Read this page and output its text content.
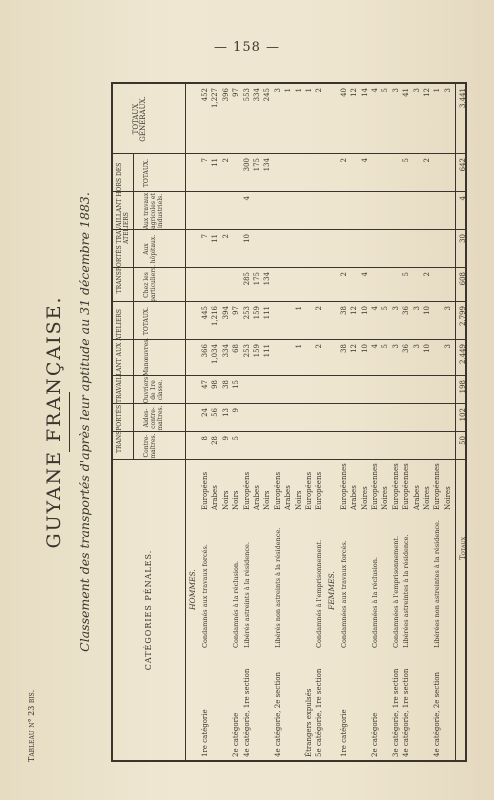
— 158 —
Tableau n° 23 bis.
GUYANE FRANÇAISE. Classement des transportés d'après leur aptitude au 31 décembre 1883.	TRANSPORTÉS TRAVAILLANT AUX ATELIERS
TRANSPORTÉS TRAVAILLANT HORS DES ATELIERS
CATÉGORIES PÉNALES.
Contre-maîtres.
Aides-contre-maîtres.
Ouvriers de 1re classe.
Manœuvres.
TOTAUX.
Chez les particuliers.
Aux hôpitaux.
Aux travaux agricoles et industriels.
TOTAUX.
TOTAUX GÉNÉRAUX.
HOMMES.
1re catégorie
Condamnés aux travaux forcés.
Européens
8
24
47
366
445
7
7
452
Arabes
28
56
98
1,034
1,216
11
11
1,227
Noirs
9
13
38
334
394
2
2
396
2e catégorie
Condamnés à la réclusion.
Noirs
5
9
15
68
97
97
4e catégorie, 1re section
Libérés astreints à la résidence.
Européens
253
253
285
10
4
300
553
Arabes
159
159
175
175
334
Noirs
111
111
134
134
245
4e catégorie, 2e section
Libérés non astreints à la résidence.
Européens
3
Arabes
1
Noirs
1
1
1
Étrangers expulsés
Européens
1
5e catégorie, 1re section
Condamnés à l'emprisonnement.
Européens
2
2
2
FEMMES.
1re catégorie
Condamnées aux travaux forcés.
Européennes
38
38
2
2
40
Arabes
12
12
12
Noires
10
10
4
4
14
2e catégorie
Condamnées à la réclusion.
Européennes
4
4
4
Noires
5
5
5
3e catégorie, 1re section
Condamnées à l'emprisonnement.
Européennes
3
3
3
4e catégorie, 1re section
Libérées astreintes à la résidence.
Européennes
36
36
5
5
41
Arabes
3
3
3
Noires
10
10
2
2
12
4e catégorie, 2e section
Libérées non astreintes à la résidence.
Européennes
1
Noires
3
3
3
Totaux
50
102
198
2,449
2,799
608
30
4
642
3,441
